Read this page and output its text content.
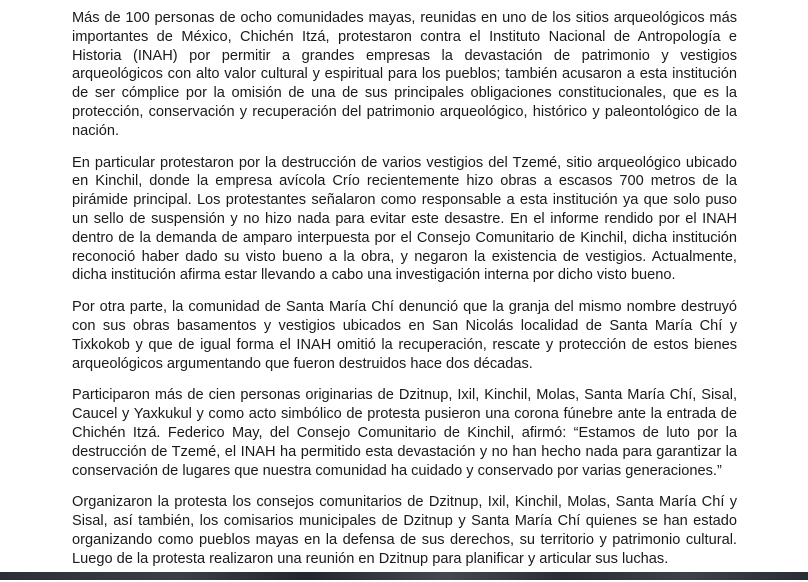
Más de 100 personas de ocho comunidades mayas, reunidas en uno de los sitios arqueológicos más importantes de México, Chichén Itzá, protestaron contra el Instituto Nacional de Antropología e Historia (INAH) por permitir a grandes empresas la devastación de patrimonio y vestigios arqueológicos con alto valor cultural y espiritual para los pueblos; también acusaron a esta institución de ser cómplice por la omisión de una de sus principales obligaciones constitucionales, que es la protección, conservación y recuperación del patrimonio arqueológico, histórico y paleontológico de la nación.

En particular protestaron por la destrucción de varios vestigios del Tzemé, sitio arqueológico ubicado en Kinchil, donde la empresa avícola Crío recientemente hizo obras a escasos 700 metros de la pirámide principal. Los protestantes señalaron como responsable a esta institución ya que solo puso un sello de suspensión y no hizo nada para evitar este desastre. En el informe rendido por el INAH dentro de la demanda de amparo interpuesta por el Consejo Comunitario de Kinchil, dicha institución reconoció haber dado su visto bueno a la obra, y negaron la existencia de vestigios. Actualmente, dicha institución afirma estar llevando a cabo una investigación interna por dicho visto bueno.

Por otra parte, la comunidad de Santa María Chí denunció que la granja del mismo nombre destruyó con sus obras basamentos y vestigios ubicados en San Nicolás localidad de Santa María Chí y Tixkokob y que de igual forma el INAH omitió la recuperación, rescate y protección de estos bienes arqueológicos argumentando que fueron destruidos hace dos décadas.

Participaron más de cien personas originarias de Dzitnup, Ixil, Kinchil, Molas, Santa María Chí, Sisal, Caucel y Yaxkukul y como acto simbólico de protesta pusieron una corona fúnebre ante la entrada de Chichén Itzá. Federico May, del Consejo Comunitario de Kinchil, afirmó: “Estamos de luto por la destrucción de Tzemé, el INAH ha permitido esta devastación y no han hecho nada para garantizar la conservación de lugares que nuestra comunidad ha cuidado y conservado por varias generaciones.”

Organizaron la protesta los consejos comunitarios de Dzitnup, Ixil, Kinchil, Molas, Santa María Chí y Sisal, así también, los comisarios municipales de Dzitnup y Santa María Chí quienes se han estado organizando como pueblos mayas en la defensa de sus derechos, su territorio y patrimonio cultural. Luego de la protesta realizaron una reunión en Dzitnup para planificar y articular sus luchas.
